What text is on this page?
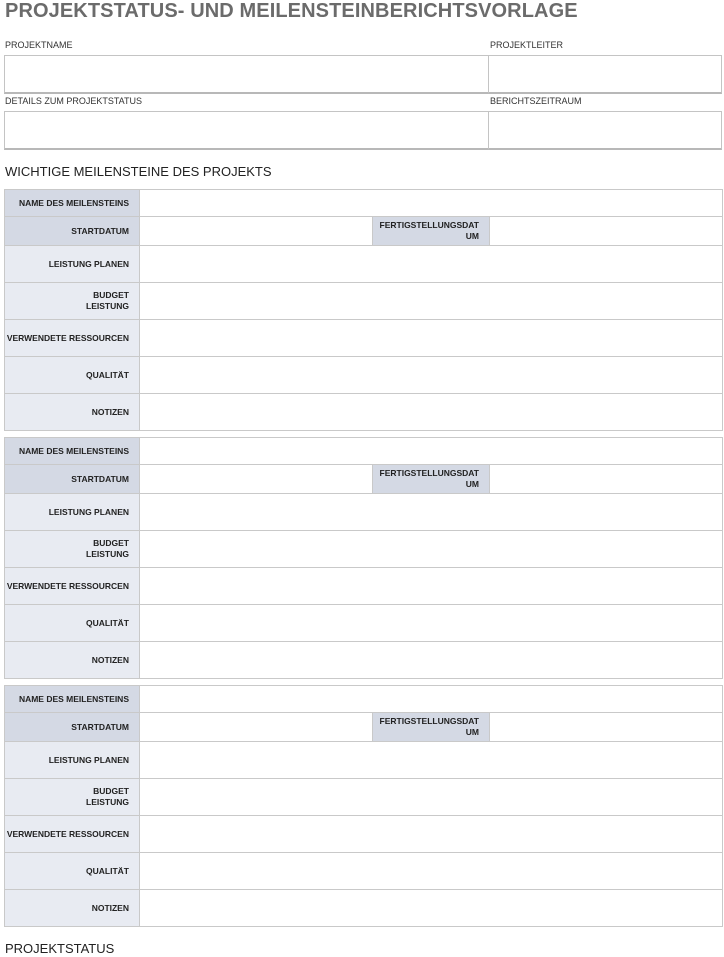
PROJEKTSTATUS- UND MEILENSTEINBERICHTSVORLAGE
PROJEKTNAME	PROJEKTLEITER
DETAILS ZUM PROJEKTSTATUS	BERICHTSZEITRAUM
WICHTIGE MEILENSTEINE DES PROJEKTS
NAME DES MEILENSTEINS			
STARTDATUM		FERTIGSTELLUNGSDAT
UM	
LEISTUNG PLANEN			
BUDGET
LEISTUNG			
VERWENDETE RESSOURCEN			
QUALITÄT			
NOTIZEN			
NAME DES MEILENSTEINS			
STARTDATUM		FERTIGSTELLUNGSDAT
UM	
LEISTUNG PLANEN			
BUDGET
LEISTUNG			
VERWENDETE RESSOURCEN			
QUALITÄT			
NOTIZEN			
NAME DES MEILENSTEINS			
STARTDATUM		FERTIGSTELLUNGSDAT
UM	
LEISTUNG PLANEN			
BUDGET
LEISTUNG			
VERWENDETE RESSOURCEN			
QUALITÄT			
NOTIZEN			
PROJEKTSTATUS
